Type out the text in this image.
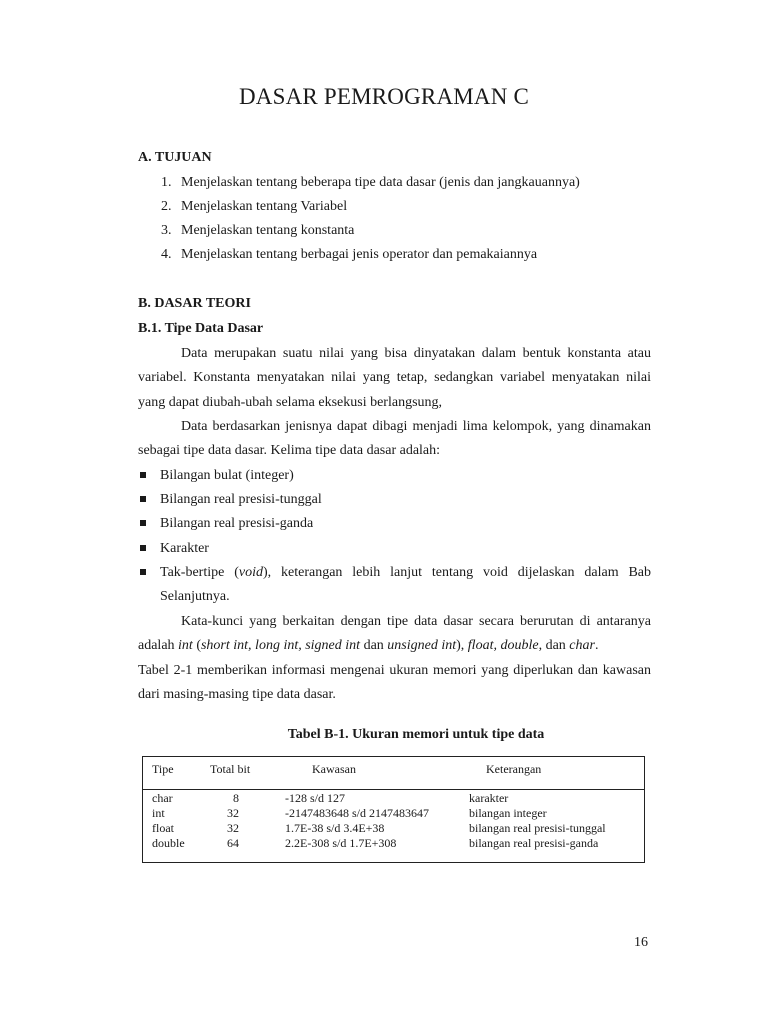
DASAR PEMROGRAMAN C
A. TUJUAN
1. Menjelaskan tentang beberapa tipe data dasar (jenis dan jangkauannya)
2. Menjelaskan tentang Variabel
3. Menjelaskan tentang konstanta
4. Menjelaskan tentang berbagai jenis operator dan pemakaiannya
B. DASAR TEORI
B.1. Tipe Data Dasar

Data merupakan suatu nilai yang bisa dinyatakan dalam bentuk konstanta atau variabel. Konstanta menyatakan nilai yang tetap, sedangkan variabel menyatakan nilai yang dapat diubah-ubah selama eksekusi berlangsung,

Data berdasarkan jenisnya dapat dibagi menjadi lima kelompok, yang dinamakan sebagai tipe data dasar. Kelima tipe data dasar adalah:

Bilangan bulat (integer)
Bilangan real presisi-tunggal
Bilangan real presisi-ganda
Karakter
Tak-bertipe (void), keterangan lebih lanjut tentang void dijelaskan dalam Bab Selanjutnya.

Kata-kunci yang berkaitan dengan tipe data dasar secara berurutan di antaranya adalah int (short int, long int, signed int dan unsigned int), float, double, dan char.

Tabel 2-1 memberikan informasi mengenai ukuran memori yang diperlukan dan kawasan dari masing-masing tipe data dasar.

Tabel B-1. Ukuran memori untuk tipe data

Tipe	Total bit	Kawasan	Keterangan
char	8	-128 s/d 127	karakter
int	32	-2147483648 s/d 2147483647	bilangan integer
float	32	1.7E-38 s/d 3.4E+38	bilangan real presisi-tunggal
double	64	2.2E-308 s/d 1.7E+308	bilangan real presisi-ganda
16
